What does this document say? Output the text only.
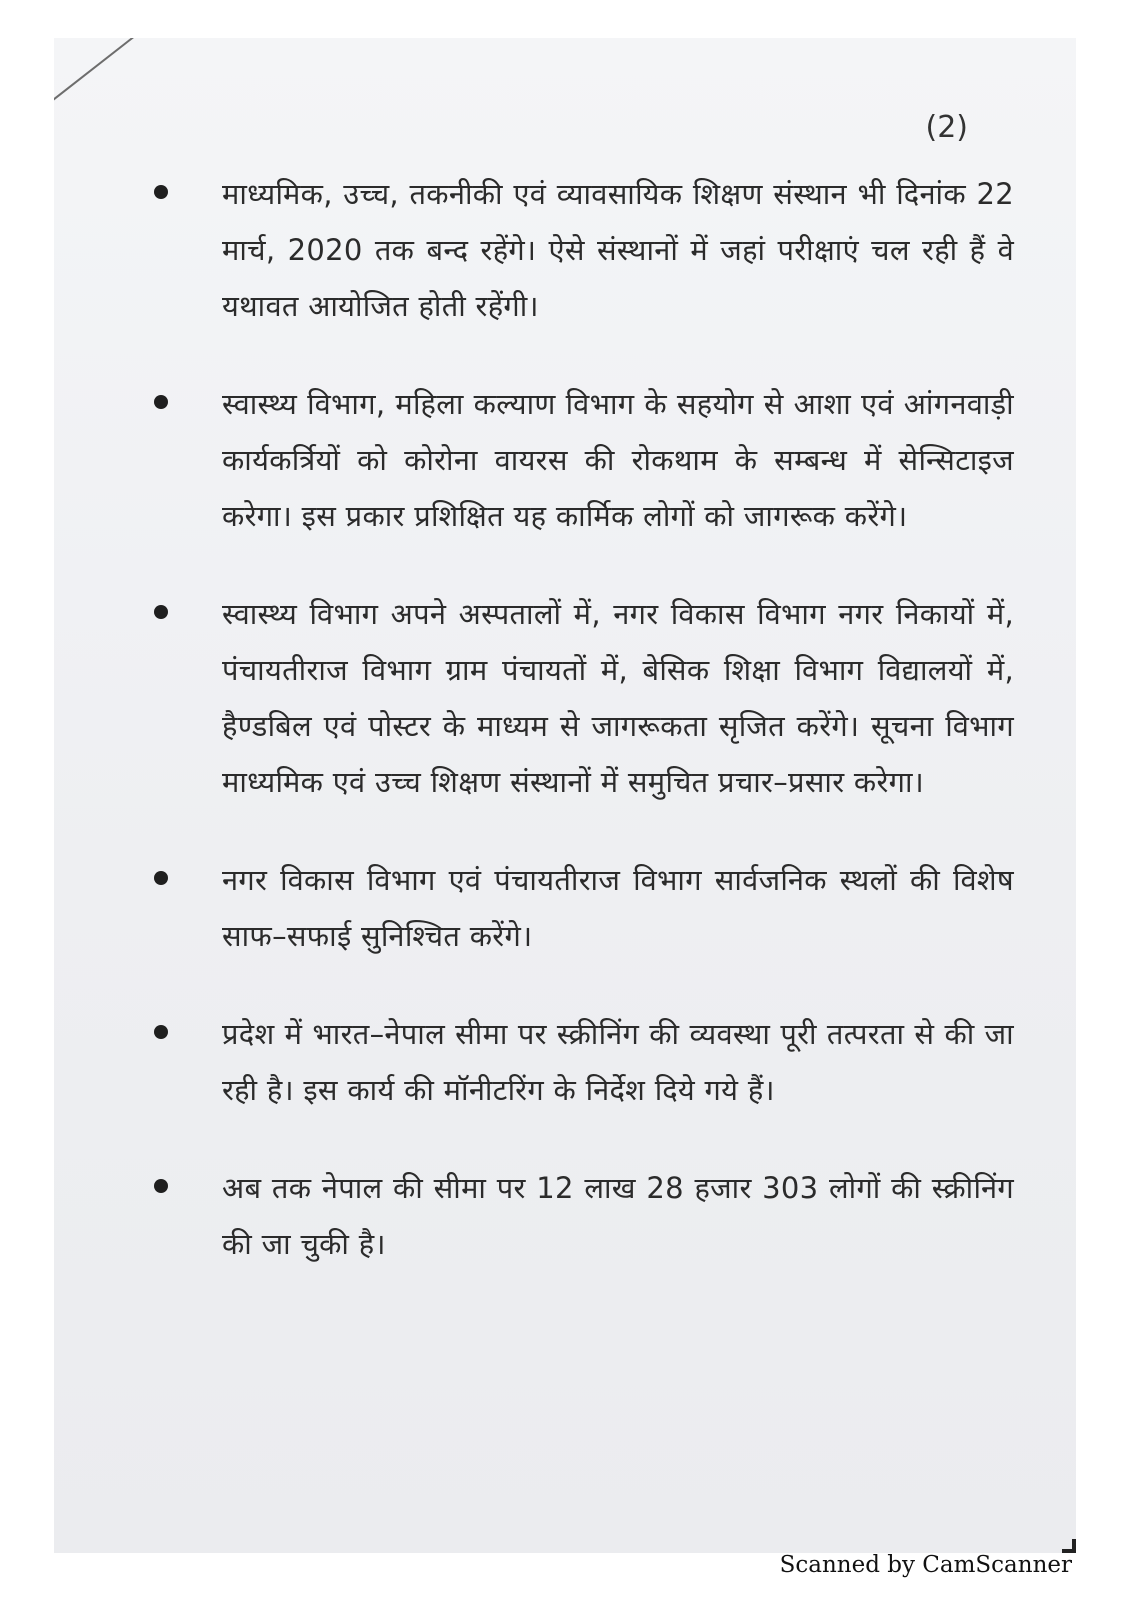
(2)
माध्यमिक, उच्च, तकनीकी एवं व्यावसायिक शिक्षण संस्थान भी दिनांक 22 मार्च, 2020 तक बन्द रहेंगे। ऐसे संस्थानों में जहां परीक्षाएं चल रही हैं वे यथावत आयोजित होती रहेंगी।
स्वास्थ्य विभाग, महिला कल्याण विभाग के सहयोग से आशा एवं आंगनवाड़ी कार्यकर्त्रियों को कोरोना वायरस की रोकथाम के सम्बन्ध में सेन्सिटाइज करेगा। इस प्रकार प्रशिक्षित यह कार्मिक लोगों को जागरूक करेंगे।
स्वास्थ्य विभाग अपने अस्पतालों में, नगर विकास विभाग नगर निकायों में, पंचायतीराज विभाग ग्राम पंचायतों में, बेसिक शिक्षा विभाग विद्यालयों में, हैण्डबिल एवं पोस्टर के माध्यम से जागरूकता सृजित करेंगे। सूचना विभाग माध्यमिक एवं उच्च शिक्षण संस्थानों में समुचित प्रचार–प्रसार करेगा।
नगर विकास विभाग एवं पंचायतीराज विभाग सार्वजनिक स्थलों की विशेष साफ–सफाई सुनिश्चित करेंगे।
प्रदेश में भारत–नेपाल सीमा पर स्क्रीनिंग की व्यवस्था पूरी तत्परता से की जा रही है। इस कार्य की मॉनीटरिंग के निर्देश दिये गये हैं।
अब तक नेपाल की सीमा पर 12 लाख 28 हजार 303 लोगों की स्क्रीनिंग की जा चुकी है।
Scanned by CamScanner
